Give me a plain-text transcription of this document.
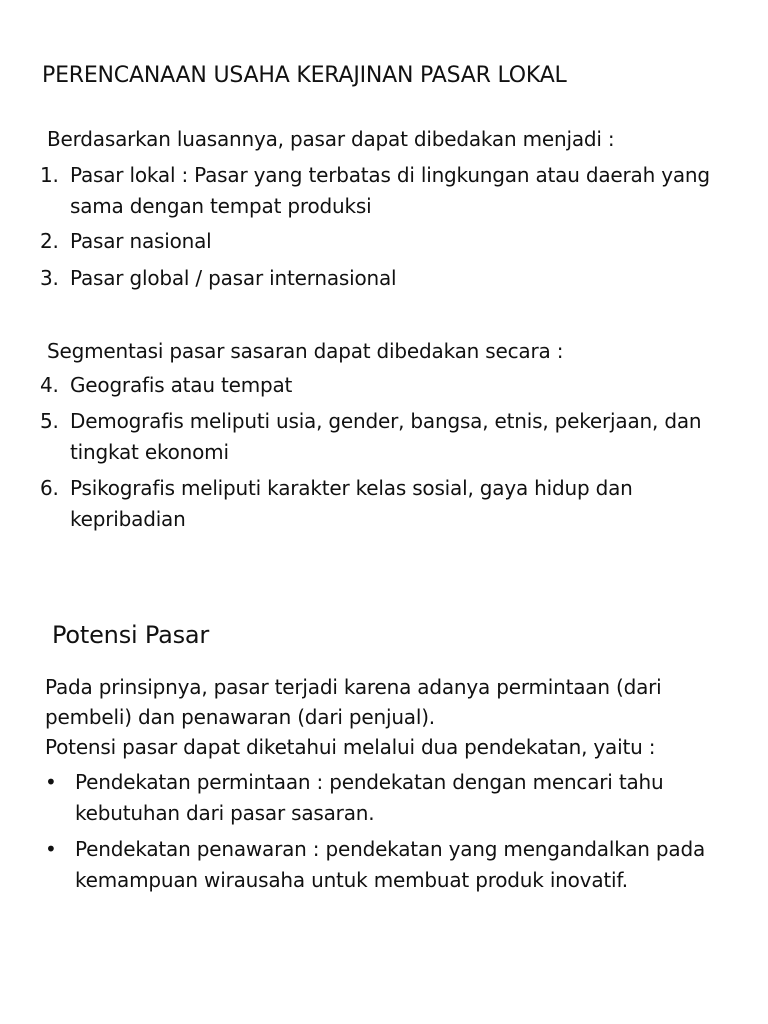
PERENCANAAN USAHA KERAJINAN PASAR LOKAL
Berdasarkan luasannya, pasar dapat dibedakan menjadi :
1. Pasar lokal : Pasar yang terbatas di lingkungan atau daerah yang sama dengan tempat produksi
2. Pasar nasional
3. Pasar global / pasar internasional
Segmentasi pasar sasaran dapat dibedakan secara :
4. Geografis atau tempat
5. Demografis meliputi usia, gender, bangsa, etnis, pekerjaan, dan tingkat ekonomi
6. Psikografis meliputi karakter kelas sosial, gaya hidup dan kepribadian
Potensi Pasar
Pada prinsipnya, pasar terjadi karena adanya permintaan (dari pembeli) dan penawaran (dari penjual).
Potensi pasar dapat diketahui melalui dua pendekatan, yaitu :
• Pendekatan permintaan : pendekatan dengan mencari tahu kebutuhan dari pasar sasaran.
• Pendekatan penawaran : pendekatan yang mengandalkan pada kemampuan wirausaha untuk membuat produk inovatif.
